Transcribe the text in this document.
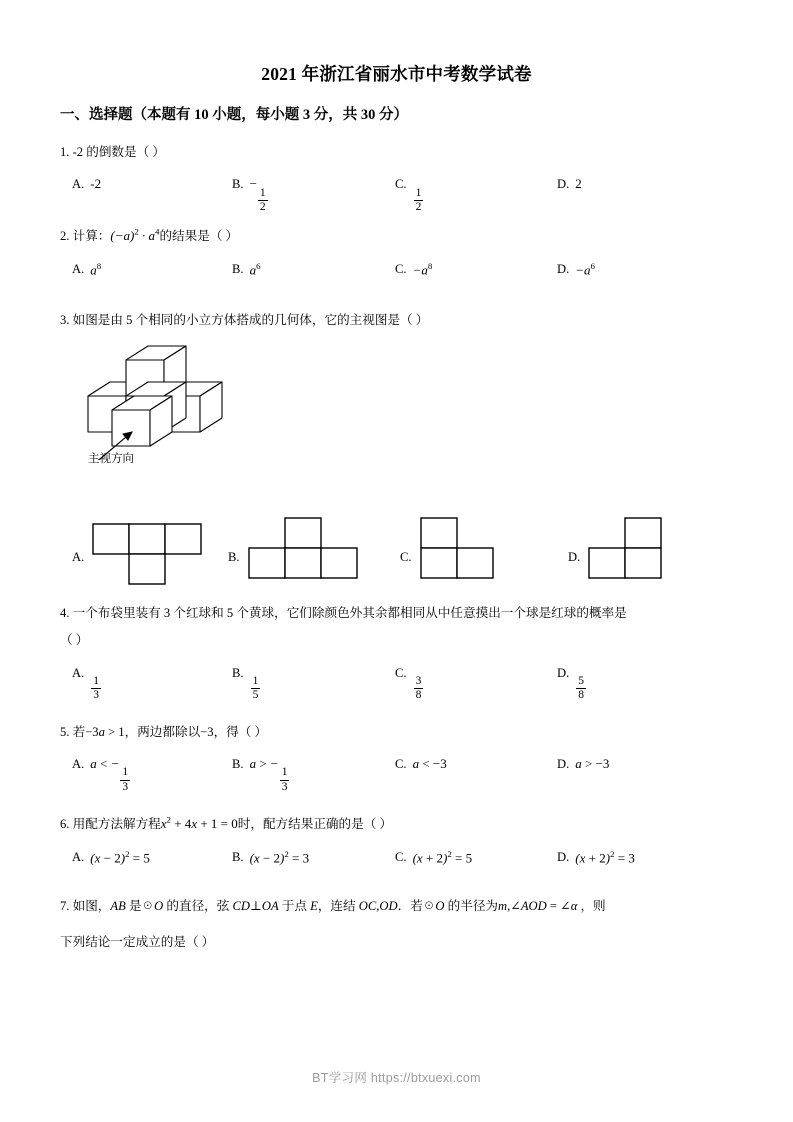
2021 年浙江省丽水市中考数学试卷
一、选择题（本题有 10 小题，每小题 3 分，共 30 分）
1. -2 的倒数是（ ）
A. -2	B. −
$\frac{1}{2}$
C.
$\frac{1}{2}$
D. 2
2. 计算：$(-a)^2 \cdot a^4$的结果是（ ）
A. $a^8$	B. $a^6$	C. $-a^8$	D. $-a^6$
3. 如图是由 5 个相同的小立方体搭成的几何体，它的主视图是（ ）
主视方向
A.	B.	C.	D.
4. 一个布袋里装有 3 个红球和 5 个黄球，它们除颜色外其余都相同从中任意摸出一个球是红球的概率是
（ ）
A.
$\frac{1}{3}$
B.
$\frac{1}{5}$
C.
$\frac{3}{8}$
D.
$\frac{5}{8}$
5. 若−3a > 1，两边都除以−3，得（ ）
A. a < −
$\frac{1}{3}$
B. a > −
$\frac{1}{3}$
C. a < −3	D. a > −3
6. 用配方法解方程$x^2 + 4x + 1 = 0$时，配方结果正确的是（ ）
A. $(x - 2)^2 = 5$	B. $(x - 2)^2 = 3$	C. $(x + 2)^2 = 5$	D. $(x + 2)^2 = 3$
7. 如图，AB 是☉O 的直径，弦 CD⊥OA 于点 E，连结 OC,OD．若☉O 的半径为m,∠AOD = ∠α ，则
下列结论一定成立的是（ ）
BT学习网 https://btxuexi.com
